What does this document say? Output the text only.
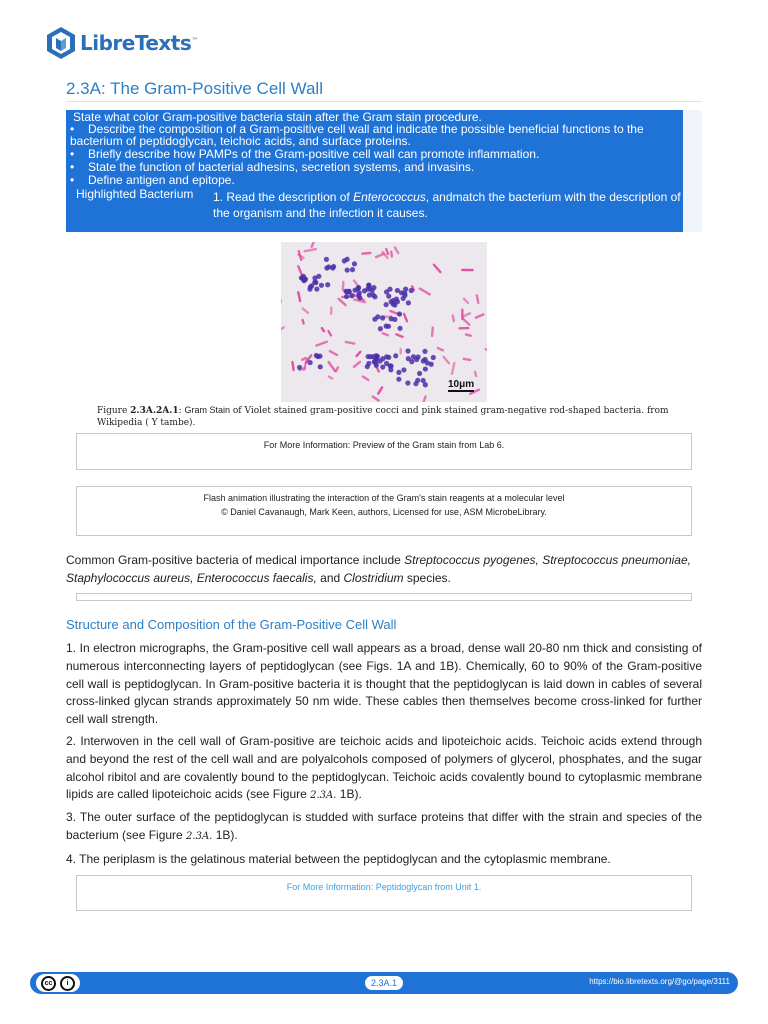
LibreTexts™
2.3A: The Gram-Positive Cell Wall
State what color Gram-positive bacteria stain after the Gram stain procedure.
• Describe the composition of a Gram-positive cell wall and indicate the possible beneficial functions to the bacterium of peptidoglycan, teichoic acids, and surface proteins.
• Briefly describe how PAMPs of the Gram-positive cell wall can promote inflammation.
• State the function of bacterial adhesins, secretion systems, and invasins.
• Define antigen and epitope.
Highlighted Bacterium 1. Read the description of Enterococcus, andmatch the bacterium with the description of the organism and the infection it causes.
10μm
Figure 2.3A.2A.1: Gram Stain of Violet stained gram-positive cocci and pink stained gram-negative rod-shaped bacteria. from Wikipedia ( Y tambe).
For More Information: Preview of the Gram stain from Lab 6.
Flash animation illustrating the interaction of the Gram's stain reagents at a molecular level
© Daniel Cavanaugh, Mark Keen, authors, Licensed for use, ASM MicrobeLibrary.

Common Gram-positive bacteria of medical importance include Streptococcus pyogenes, Streptococcus pneumoniae, Staphylococcus aureus, Enterococcus faecalis, and Clostridium species.

Structure and Composition of the Gram-Positive Cell Wall

1. In electron micrographs, the Gram-positive cell wall appears as a broad, dense wall 20-80 nm thick and consisting of numerous interconnecting layers of peptidoglycan (see Figs. 1A and 1B). Chemically, 60 to 90% of the Gram-positive cell wall is peptidoglycan. In Gram-positive bacteria it is thought that the peptidoglycan is laid down in cables of several cross-linked glycan strands approximately 50 nm wide. These cables then themselves become cross-linked for further cell wall strength.

2. Interwoven in the cell wall of Gram-positive are teichoic acids and lipoteichoic acids. Teichoic acids extend through and beyond the rest of the cell wall and are polyalcohols composed of polymers of glycerol, phosphates, and the sugar alcohol ribitol and are covalently bound to the peptidoglycan. Teichoic acids covalently bound to cytoplasmic membrane lipids are called lipoteichoic acids (see Figure 2.3A. 1B).

3. The outer surface of the peptidoglycan is studded with surface proteins that differ with the strain and species of the bacterium (see Figure 2.3A. 1B).

4. The periplasm is the gelatinous material between the peptidoglycan and the cytoplasmic membrane.

For More Information: Peptidoglycan from Unit 1.
cc	i	2.3A.1	https://bio.libretexts.org/@go/page/3111
